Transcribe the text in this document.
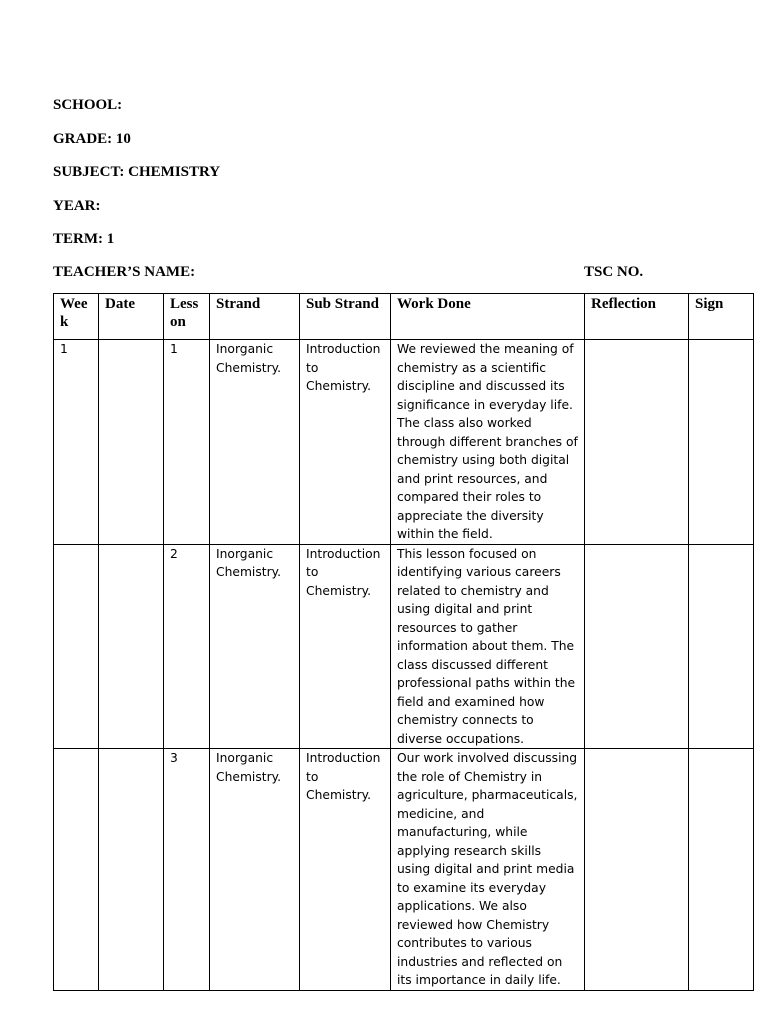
SCHOOL:
GRADE: 10
SUBJECT: CHEMISTRY
YEAR:
TERM: 1
TEACHER’S NAME:	TSC NO.
Wee k	Date	Less on	Strand	Sub Strand	Work Done	Reflection	Sign
1		1	Inorganic Chemistry.	Introduction to Chemistry.	We reviewed the meaning of chemistry as a scientific discipline and discussed its significance in everyday life. The class also worked through different branches of chemistry using both digital and print resources, and compared their roles to appreciate the diversity within the field.		
		2	Inorganic Chemistry.	Introduction to Chemistry.	This lesson focused on identifying various careers related to chemistry and using digital and print resources to gather information about them. The class discussed different professional paths within the field and examined how chemistry connects to diverse occupations.		
		3	Inorganic Chemistry.	Introduction to Chemistry.	Our work involved discussing the role of Chemistry in agriculture, pharmaceuticals, medicine, and manufacturing, while applying research skills using digital and print media to examine its everyday applications. We also reviewed how Chemistry contributes to various industries and reflected on its importance in daily life.		
